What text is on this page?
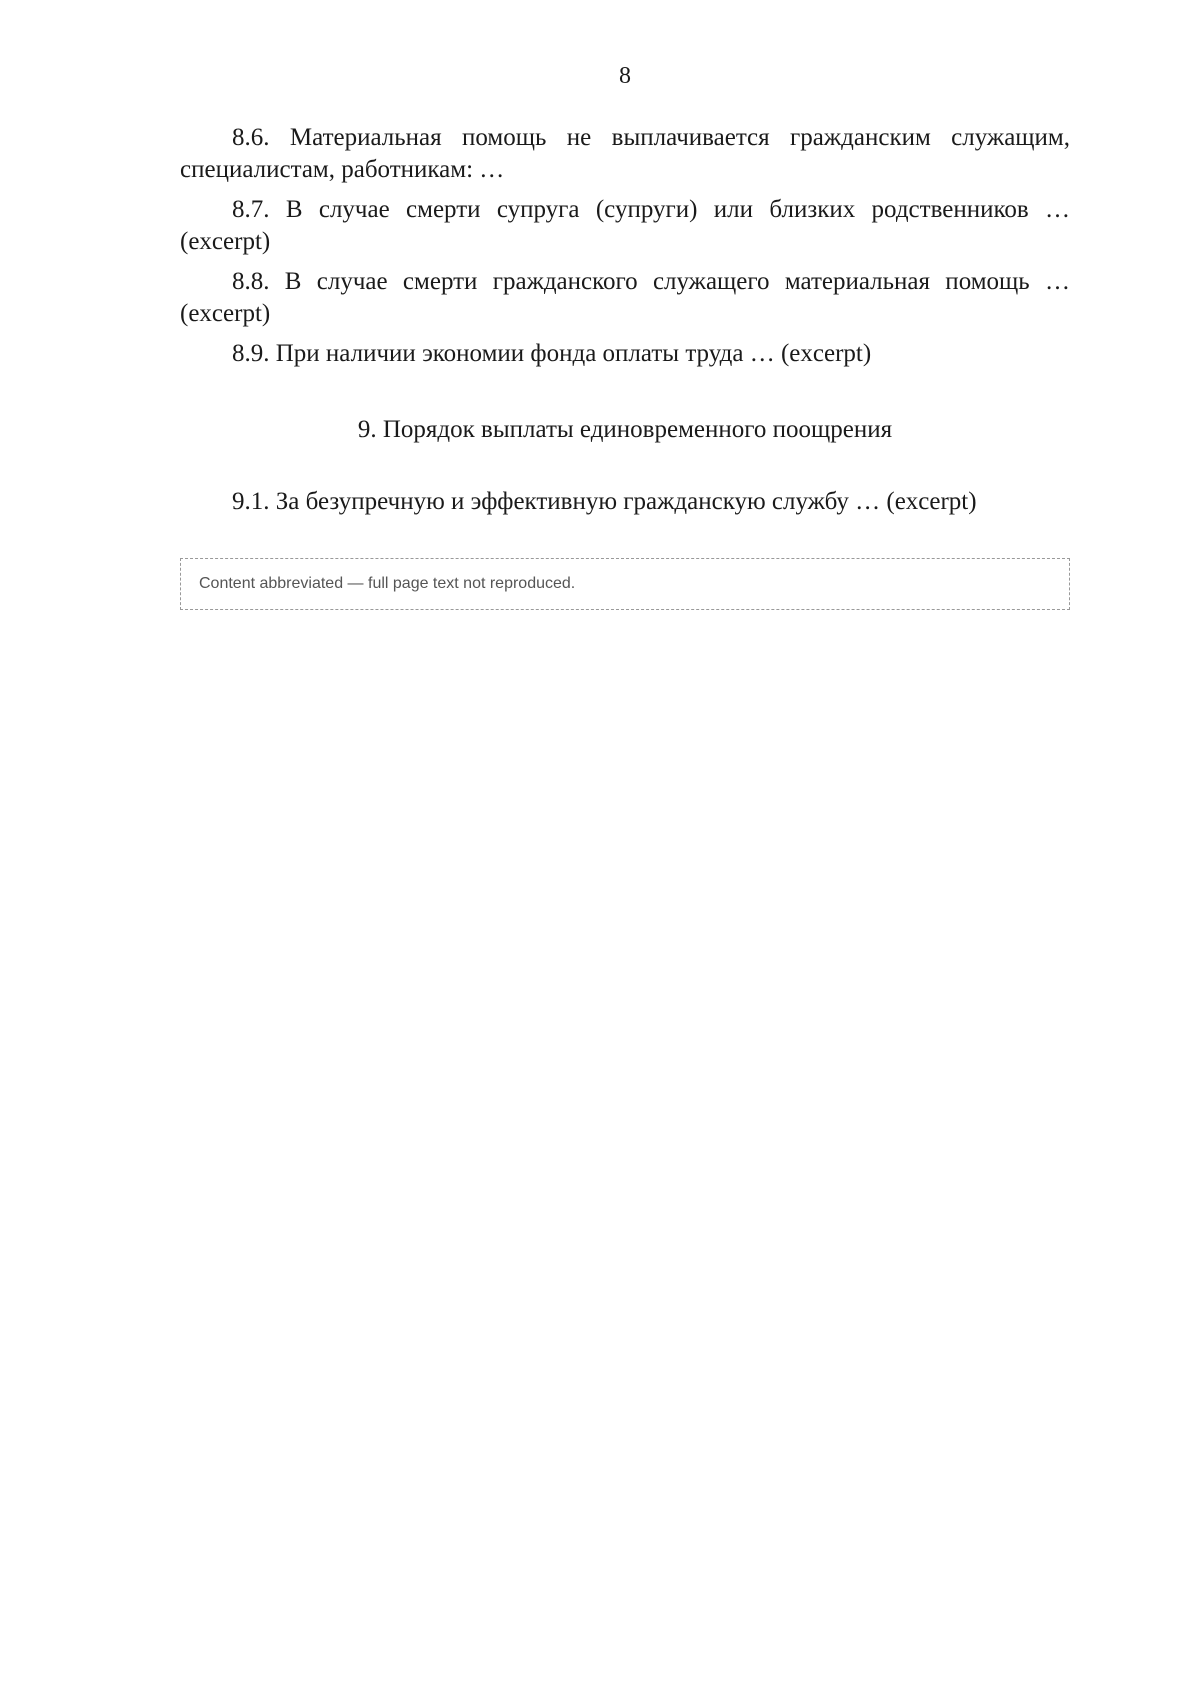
8

8.6. Материальная помощь не выплачивается гражданским служащим, специалистам, работникам: …

8.7. В случае смерти супруга (супруги) или близких родственников … (excerpt)

8.8. В случае смерти гражданского служащего материальная помощь … (excerpt)

8.9. При наличии экономии фонда оплаты труда … (excerpt)

9. Порядок выплаты единовременного поощрения

9.1. За безупречную и эффективную гражданскую службу … (excerpt)

Content abbreviated — full page text not reproduced.
